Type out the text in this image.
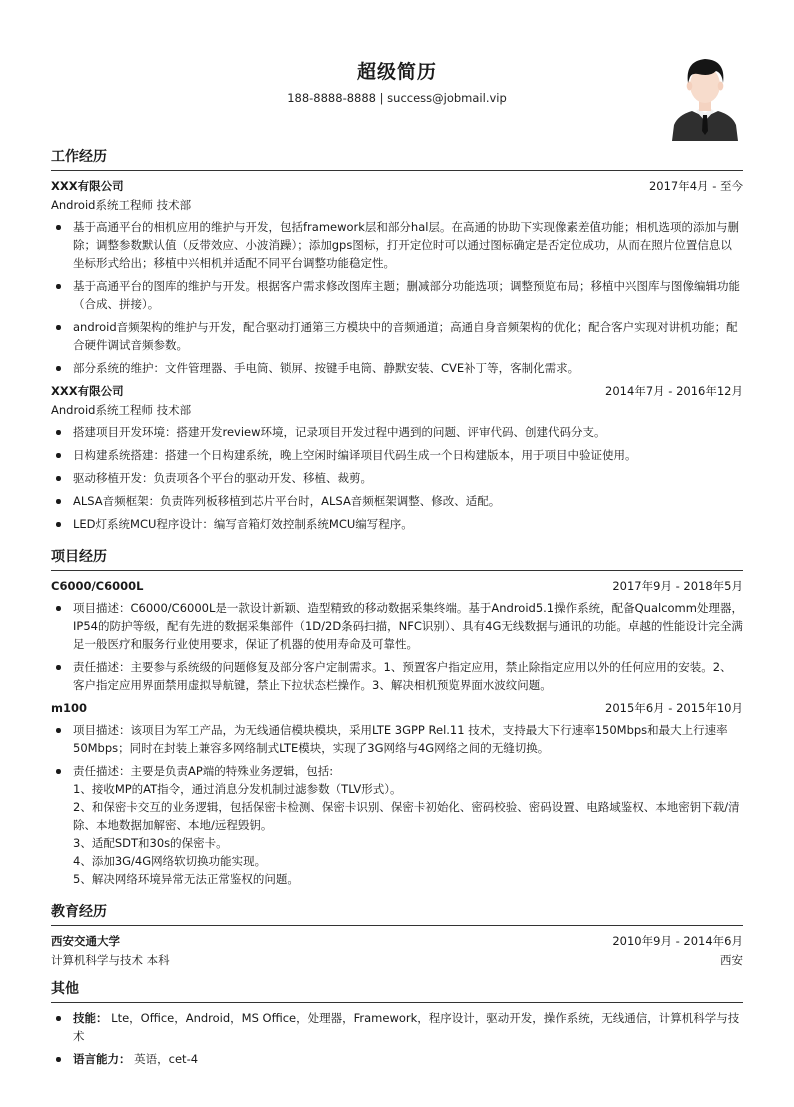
超级简历
188-8888-8888 | success@jobmail.vip
工作经历
XXX有限公司	2017年4月 - 至今
Android系统工程师 技术部
基于高通平台的相机应用的维护与开发，包括framework层和部分hal层。在高通的协助下实现像素差值功能；相机选项的添加与删除；调整参数默认值（反带效应、小波消躁）；添加gps图标，打开定位时可以通过图标确定是否定位成功，从而在照片位置信息以坐标形式给出；移植中兴相机并适配不同平台调整功能稳定性。
基于高通平台的图库的维护与开发。根据客户需求修改图库主题；删减部分功能选项；调整预览布局；移植中兴图库与图像编辑功能（合成、拼接）。
android音频架构的维护与开发，配合驱动打通第三方模块中的音频通道；高通自身音频架构的优化；配合客户实现对讲机功能；配合硬件调试音频参数。
部分系统的维护：文件管理器、手电筒、锁屏、按键手电筒、静默安装、CVE补丁等，客制化需求。
XXX有限公司	2014年7月 - 2016年12月
Android系统工程师 技术部
搭建项目开发环境：搭建开发review环境，记录项目开发过程中遇到的问题、评审代码、创建代码分支。
日构建系统搭建：搭建一个日构建系统，晚上空闲时编译项目代码生成一个日构建版本，用于项目中验证使用。
驱动移植开发：负责项各个平台的驱动开发、移植、裁剪。
ALSA音频框架：负责阵列板移植到芯片平台时，ALSA音频框架调整、修改、适配。
LED灯系统MCU程序设计：编写音箱灯效控制系统MCU编写程序。
项目经历
C6000/C6000L	2017年9月 - 2018年5月
项目描述：C6000/C6000L是一款设计新颖、造型精致的移动数据采集终端。基于Android5.1操作系统，配备Qualcomm处理器，IP54的防护等级，配有先进的数据采集部件（1D/2D条码扫描，NFC识别）、具有4G无线数据与通讯的功能。卓越的性能设计完全满足一般医疗和服务行业使用要求，保证了机器的使用寿命及可靠性。
责任描述：主要参与系统级的问题修复及部分客户定制需求。1、预置客户指定应用，禁止除指定应用以外的任何应用的安装。2、客户指定应用界面禁用虚拟导航键，禁止下拉状态栏操作。3、解决相机预览界面水波纹问题。
m100	2015年6月 - 2015年10月
项目描述：该项目为军工产品，为无线通信模块模块，采用LTE 3GPP Rel.11 技术，支持最大下行速率150Mbps和最大上行速率50Mbps；同时在封装上兼容多网络制式LTE模块，实现了3G网络与4G网络之间的无缝切换。
责任描述：主要是负责AP端的特殊业务逻辑，包括:
1、接收MP的AT指令，通过消息分发机制过滤参数（TLV形式）。
2、和保密卡交互的业务逻辑，包括保密卡检测、保密卡识别、保密卡初始化、密码校验、密码设置、电路域鉴权、本地密钥下载/清除、本地数据加解密、本地/远程毁钥。
3、适配SDT和30s的保密卡。
4、添加3G/4G网络软切换功能实现。
5、解决网络环境异常无法正常鉴权的问题。
教育经历
西安交通大学	2010年9月 - 2014年6月
计算机科学与技术 本科	西安
其他
技能： Lte，Office，Android，MS Office，处理器，Framework，程序设计，驱动开发，操作系统，无线通信，计算机科学与技术
语言能力： 英语，cet-4
